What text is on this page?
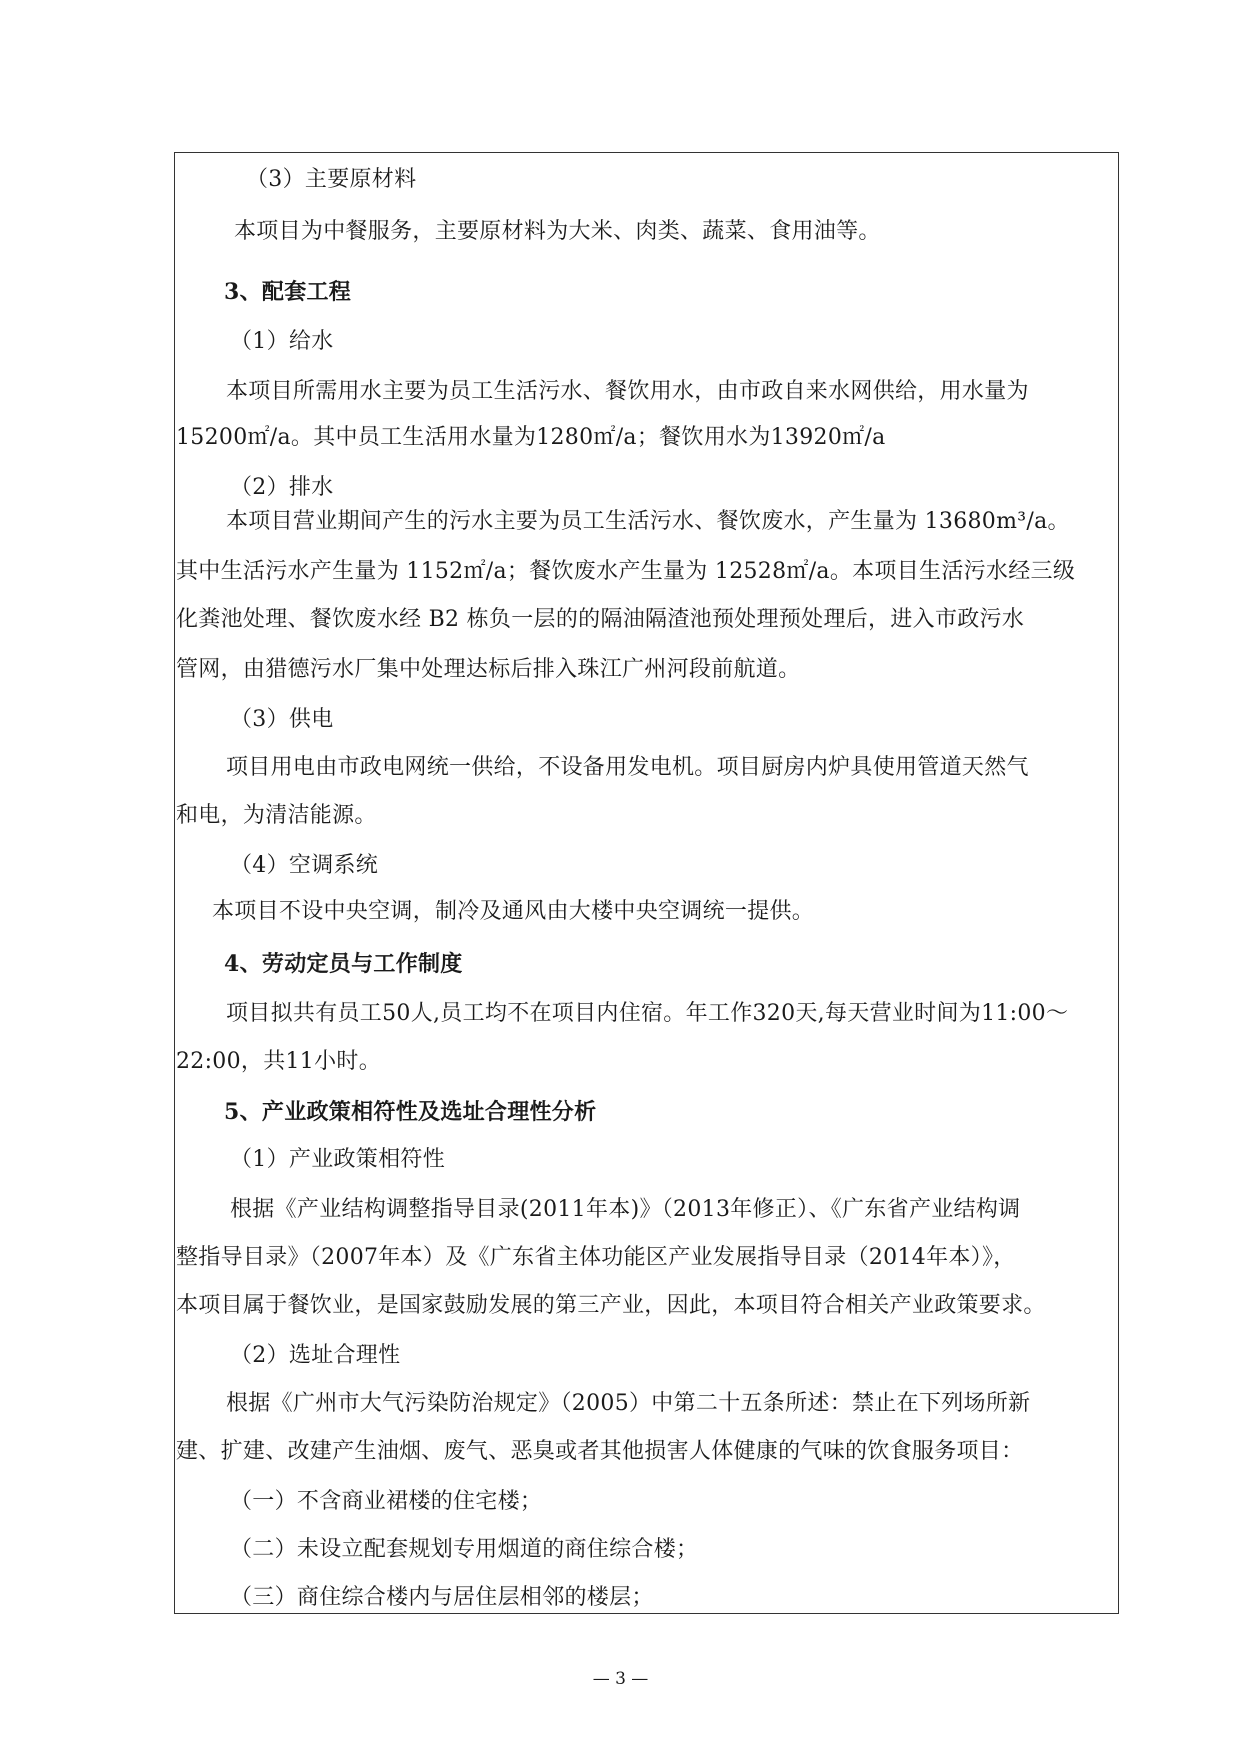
（3）主要原材料
本项目为中餐服务，主要原材料为大米、肉类、蔬菜、食用油等。
3、配套工程
（1）给水
本项目所需用水主要为员工生活污水、餐饮用水，由市政自来水网供给，用水量为
15200㎡/a。其中员工生活用水量为1280㎡/a；餐饮用水为13920㎡/a
（2）排水
本项目营业期间产生的污水主要为员工生活污水、餐饮废水，产生量为 13680m³/a。
其中生活污水产生量为 1152㎡/a；餐饮废水产生量为 12528㎡/a。本项目生活污水经三级
化粪池处理、餐饮废水经 B2 栋负一层的的隔油隔渣池预处理预处理后，进入市政污水
管网，由猎德污水厂集中处理达标后排入珠江广州河段前航道。
（3）供电
项目用电由市政电网统一供给，不设备用发电机。项目厨房内炉具使用管道天然气
和电，为清洁能源。
（4）空调系统
本项目不设中央空调，制冷及通风由大楼中央空调统一提供。
4、劳动定员与工作制度
项目拟共有员工50人,员工均不在项目内住宿。年工作320天,每天营业时间为11:00～
22:00，共11小时。
5、产业政策相符性及选址合理性分析
（1）产业政策相符性
根据《产业结构调整指导目录(2011年本)》（2013年修正）、《广东省产业结构调
整指导目录》（2007年本）及《广东省主体功能区产业发展指导目录（2014年本）》，
本项目属于餐饮业，是国家鼓励发展的第三产业，因此，本项目符合相关产业政策要求。
（2）选址合理性
根据《广州市大气污染防治规定》（2005）中第二十五条所述：禁止在下列场所新
建、扩建、改建产生油烟、废气、恶臭或者其他损害人体健康的气味的饮食服务项目：
（一）不含商业裙楼的住宅楼；
（二）未设立配套规划专用烟道的商住综合楼；
（三）商住综合楼内与居住层相邻的楼层；
— 3 —
